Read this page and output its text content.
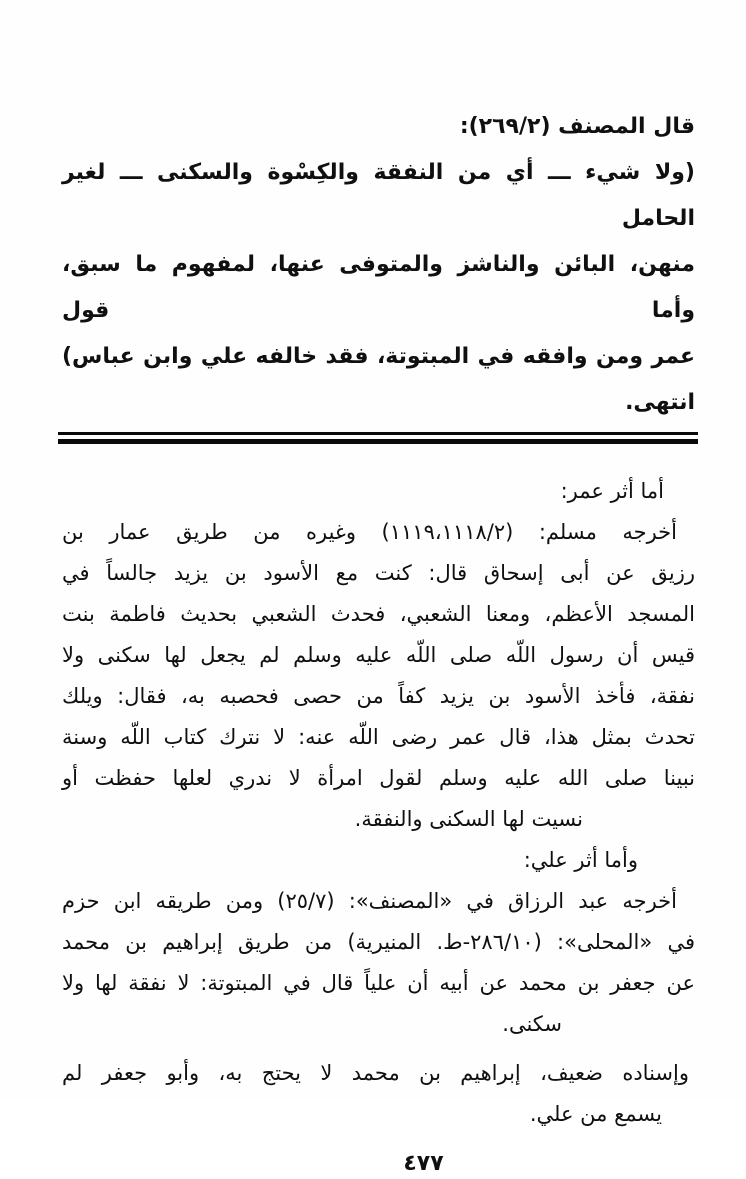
قال المصنف (٢‏/‏٢٦٩):
(ولا شيء ـــ أي من النفقة والكِسْوة والسكنى ـــ لغير الحامل
منهن، البائن والناشز والمتوفى عنها، لمفهوم ما سبق، وأما قول
عمر ومن وافقه في المبتوتة، فقد خالفه علي وابن عباس) انتهى.
أما أثر عمر:
أخرجه مسلم: (٢‏/‏١١١٨‏،‏١١١٩) وغيره من طريق عمار بن
رزيق عن أبى إسحاق قال: كنت مع الأسود بن يزيد جالساً في
المسجد الأعظم، ومعنا الشعبي، فحدث الشعبي بحديث فاطمة بنت
قيس أن رسول اللّه صلى اللّه عليه وسلم لم يجعل لها سكنى ولا
نفقة، فأخذ الأسود بن يزيد كفاً من حصى فحصبه به، فقال: ويلك
تحدث بمثل هذا، قال عمر رضى اللّه عنه: لا نترك كتاب اللّه وسنة
نبينا صلى الله عليه وسلم لقول امرأة لا ندري لعلها حفظت أو
نسيت لها السكنى والنفقة.
وأما أثر علي:
أخرجه عبد الرزاق في «المصنف»: (٧‏/‏٢٥) ومن طريقه ابن حزم
في «المحلى»: (١٠‏/‏٢٨٦-ط. المنيرية) من طريق إبراهيم بن محمد
عن جعفر بن محمد عن أبيه أن علياً قال في المبتوتة: لا نفقة لها ولا
سكنى.
وإسناده ضعيف، إبراهيم بن محمد لا يحتج به، وأبو جعفر لم
يسمع من علي.
٤٧٧
